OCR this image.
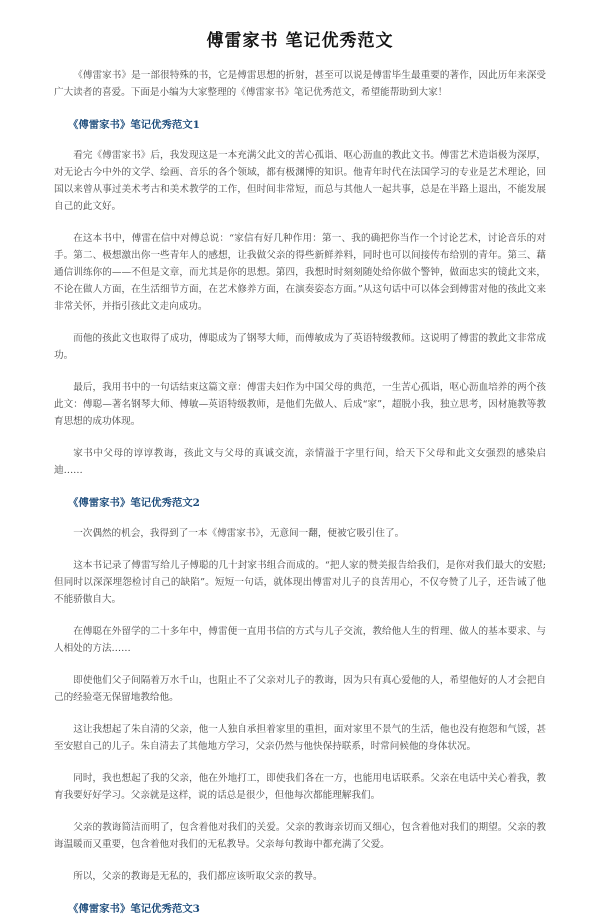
傅雷家书 笔记优秀范文

《傅雷家书》是一部很特殊的书，它是傅雷思想的折射，甚至可以说是傅雷毕生最重要的著作，因此历年来深受广大读者的喜爱。下面是小编为大家整理的《傅雷家书》笔记优秀范文，希望能帮助到大家！

《傅雷家书》笔记优秀范文1

看完《傅雷家书》后，我发现这是一本充满父此文的苦心孤诣、呕心沥血的教此文书。傅雷艺术造诣极为深厚，对无论古今中外的文学、绘画、音乐的各个领域，都有极渊博的知识。他青年时代在法国学习的专业是艺术理论，回国以来曾从事过美术考古和美术教学的工作，但时间非常短，而总与其他人一起共事，总是在半路上退出，不能发展自己的此文好。

在这本书中，傅雷在信中对傅总说：“家信有好几种作用：第一、我的确把你当作一个讨论艺术，讨论音乐的对手。第二、极想激出你一些青年人的感想，让我做父亲的得些新鲜养料，同时也可以间接传布给别的青年。第三、藉通信训练你的——不但是文章，而尤其是你的思想。第四，我想时时刻刻随处给你做个警钟，做面忠实的镜此文来，不论在做人方面，在生活细节方面，在艺术修养方面，在演奏姿态方面。”从这句话中可以体会到傅雷对他的孩此文来非常关怀，并指引孩此文走向成功。

而他的孩此文也取得了成功，傅聪成为了钢琴大师，而傅敏成为了英语特级教师。这说明了傅雷的教此文非常成功。

最后，我用书中的一句话结束这篇文章：傅雷夫妇作为中国父母的典范，一生苦心孤诣，呕心沥血培养的两个孩此文：傅聪—著名钢琴大师、傅敏—英语特级教师，是他们先做人、后成“家”，超脱小我，独立思考，因材施教等教育思想的成功体现。

家书中父母的谆谆教诲，孩此文与父母的真诚交流，亲情溢于字里行间，给天下父母和此文女强烈的感染启迪……

《傅雷家书》笔记优秀范文2

一次偶然的机会，我得到了一本《傅雷家书》，无意间一翻，便被它吸引住了。

这本书记录了傅雷写给儿子傅聪的几十封家书组合而成的。“把人家的赞美报告给我们，是你对我们最大的安慰;但同时以深深埋怨检讨自己的缺陷”。短短一句话，就体现出傅雷对儿子的良苦用心，不仅夸赞了儿子，还告诫了他不能骄傲自大。

在傅聪在外留学的二十多年中，傅雷便一直用书信的方式与儿子交流，教给他人生的哲理、做人的基本要求、与人相处的方法……

即使他们父子间隔着万水千山，也阻止不了父亲对儿子的教诲，因为只有真心爱他的人，希望他好的人才会把自己的经验毫无保留地教给他。

这让我想起了朱自清的父亲，他一人独自承担着家里的重担，面对家里不景气的生活，他也没有抱怨和气馁，甚至安慰自己的儿子。朱自清去了其他地方学习，父亲仍然与他快保持联系，时常问候他的身体状况。

同时，我也想起了我的父亲，他在外地打工，即使我们各在一方，也能用电话联系。父亲在电话中关心着我，教育我要好好学习。父亲就是这样，说的话总是很少，但他每次都能理解我们。

父亲的教诲简洁而明了，包含着他对我们的关爱。父亲的教诲亲切而又细心，包含着他对我们的期望。父亲的教诲温暖而又重要，包含着他对我们的无私教导。父亲每句教诲中都充满了父爱。

所以，父亲的教诲是无私的，我们都应该听取父亲的教导。

《傅雷家书》笔记优秀范文3
